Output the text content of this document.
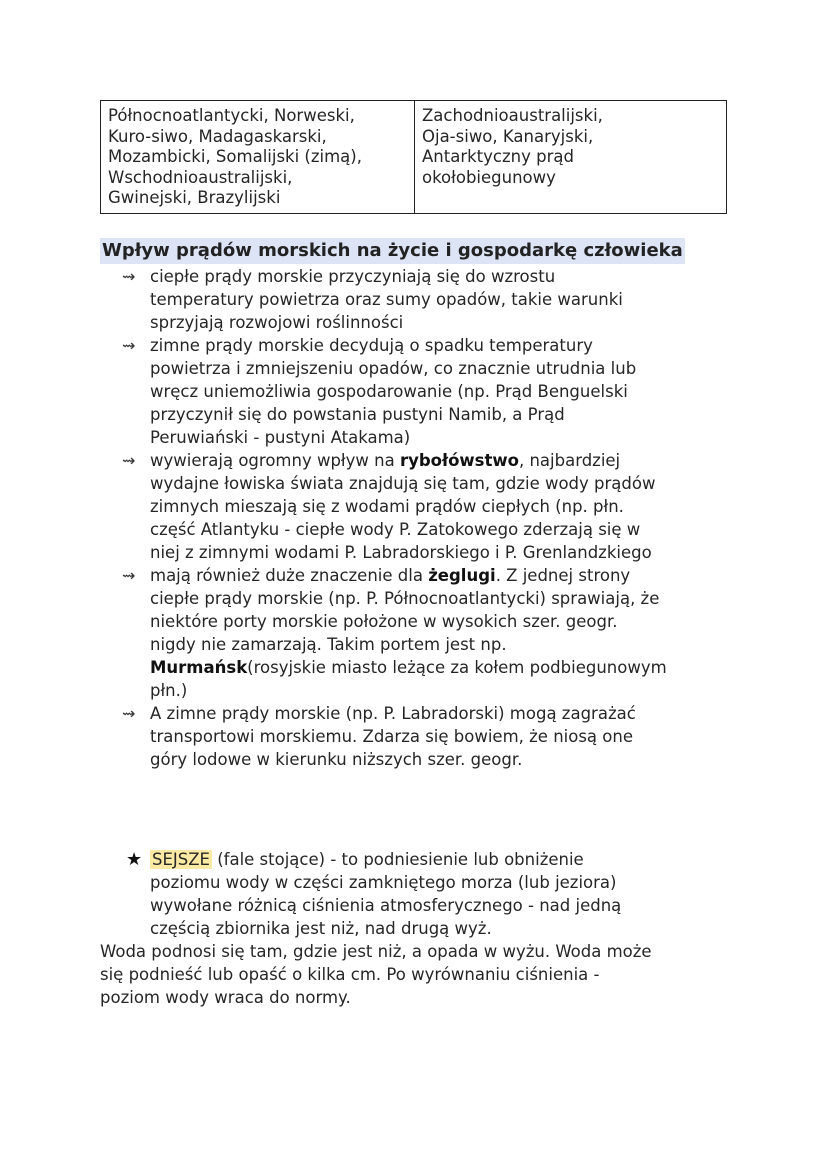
Północnoatlantycki, Norweski,
Kuro-siwo, Madagaskarski,
Mozambicki, Somalijski (zimą),
Wschodnioaustralijski,
Gwinejski, Brazylijski

Zachodnioaustralijski,
Oja-siwo, Kanaryjski,
Antarktyczny prąd
okołobiegunowy
Wpływ prądów morskich na życie i gospodarkę człowieka
⇝ ciepłe prądy morskie przyczyniają się do wzrostu
temperatury powietrza oraz sumy opadów, takie warunki
sprzyjają rozwojowi roślinności
⇝ zimne prądy morskie decydują o spadku temperatury
powietrza i zmniejszeniu opadów, co znacznie utrudnia lub
wręcz uniemożliwia gospodarowanie (np. Prąd Benguelski
przyczynił się do powstania pustyni Namib, a Prąd
Peruwiański - pustyni Atakama)
⇝ wywierają ogromny wpływ na rybołówstwo, najbardziej
wydajne łowiska świata znajdują się tam, gdzie wody prądów
zimnych mieszają się z wodami prądów ciepłych (np. płn.
część Atlantyku - ciepłe wody P. Zatokowego zderzają się w
niej z zimnymi wodami P. Labradorskiego i P. Grenlandzkiego
⇝ mają również duże znaczenie dla żeglugi. Z jednej strony
ciepłe prądy morskie (np. P. Północnoatlantycki) sprawiają, że
niektóre porty morskie położone w wysokich szer. geogr.
nigdy nie zamarzają. Takim portem jest np.
Murmańsk(rosyjskie miasto leżące za kołem podbiegunowym
płn.)
⇝ A zimne prądy morskie (np. P. Labradorski) mogą zagrażać
transportowi morskiemu. Zdarza się bowiem, że niosą one
góry lodowe w kierunku niższych szer. geogr.
★ SEJSZE (fale stojące) - to podniesienie lub obniżenie
poziomu wody w części zamkniętego morza (lub jeziora)
wywołane różnicą ciśnienia atmosferycznego - nad jedną
częścią zbiornika jest niż, nad drugą wyż.
Woda podnosi się tam, gdzie jest niż, a opada w wyżu. Woda może
się podnieść lub opaść o kilka cm. Po wyrównaniu ciśnienia -
poziom wody wraca do normy.
